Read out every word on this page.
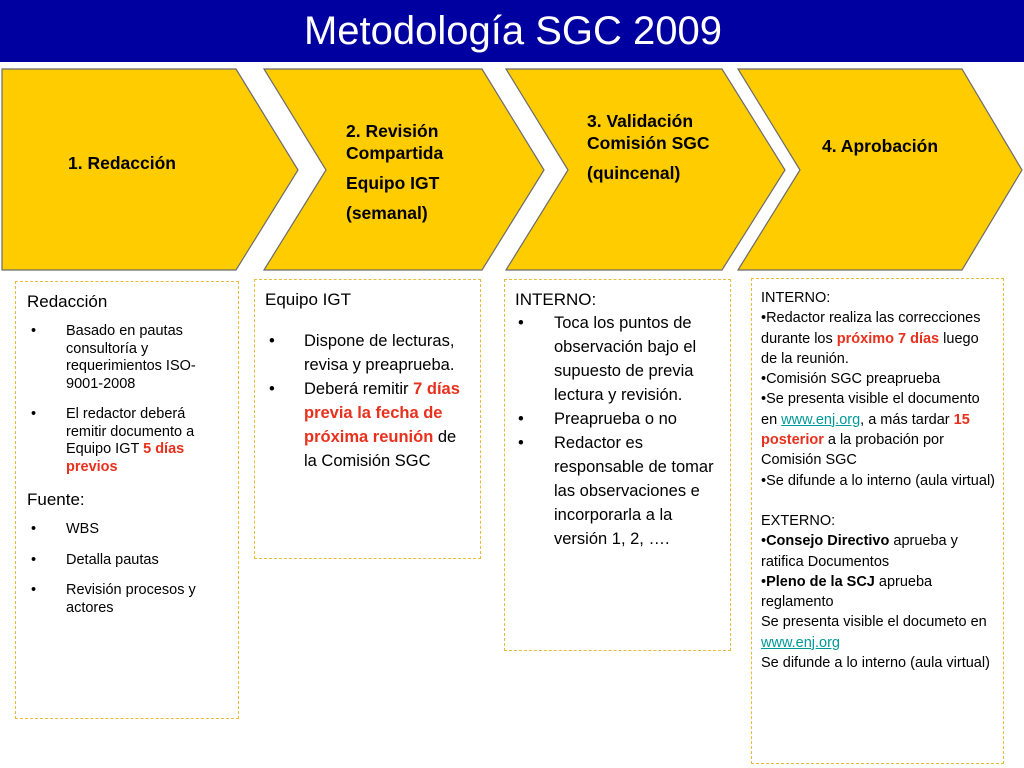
Metodología SGC 2009

1. Redacción

2. Revisión Compartida

Equipo IGT

(semanal)

3. Validación Comisión SGC

(quincenal)

4. Aprobación

Redacción
• Basado en pautas consultoría y requerimientos ISO-9001-2008
• El redactor deberá remitir documento a Equipo IGT 5 días previos
Fuente:
• WBS
• Detalla pautas
• Revisión procesos y actores
Equipo IGT
• Dispone de lecturas, revisa y preaprueba.
• Deberá remitir 7 días previa la fecha de próxima reunión de la Comisión SGC
INTERNO:
• Toca los puntos de observación bajo el supuesto de previa lectura y revisión.
• Preaprueba o no
• Redactor es responsable de tomar las observaciones e incorporarla a la versión 1, 2, ….

INTERNO:

•Redactor realiza las correcciones durante los próximo 7 días luego de la reunión.

•Comisión SGC preaprueba

•Se presenta visible el documento en www.enj.org, a más tardar 15 posterior a la probación por Comisión SGC

•Se difunde a lo interno (aula virtual)

EXTERNO:

•Consejo Directivo aprueba y ratifica Documentos

•Pleno de la SCJ aprueba reglamento

Se presenta visible el documeto en www.enj.org

Se difunde a lo interno (aula virtual)
